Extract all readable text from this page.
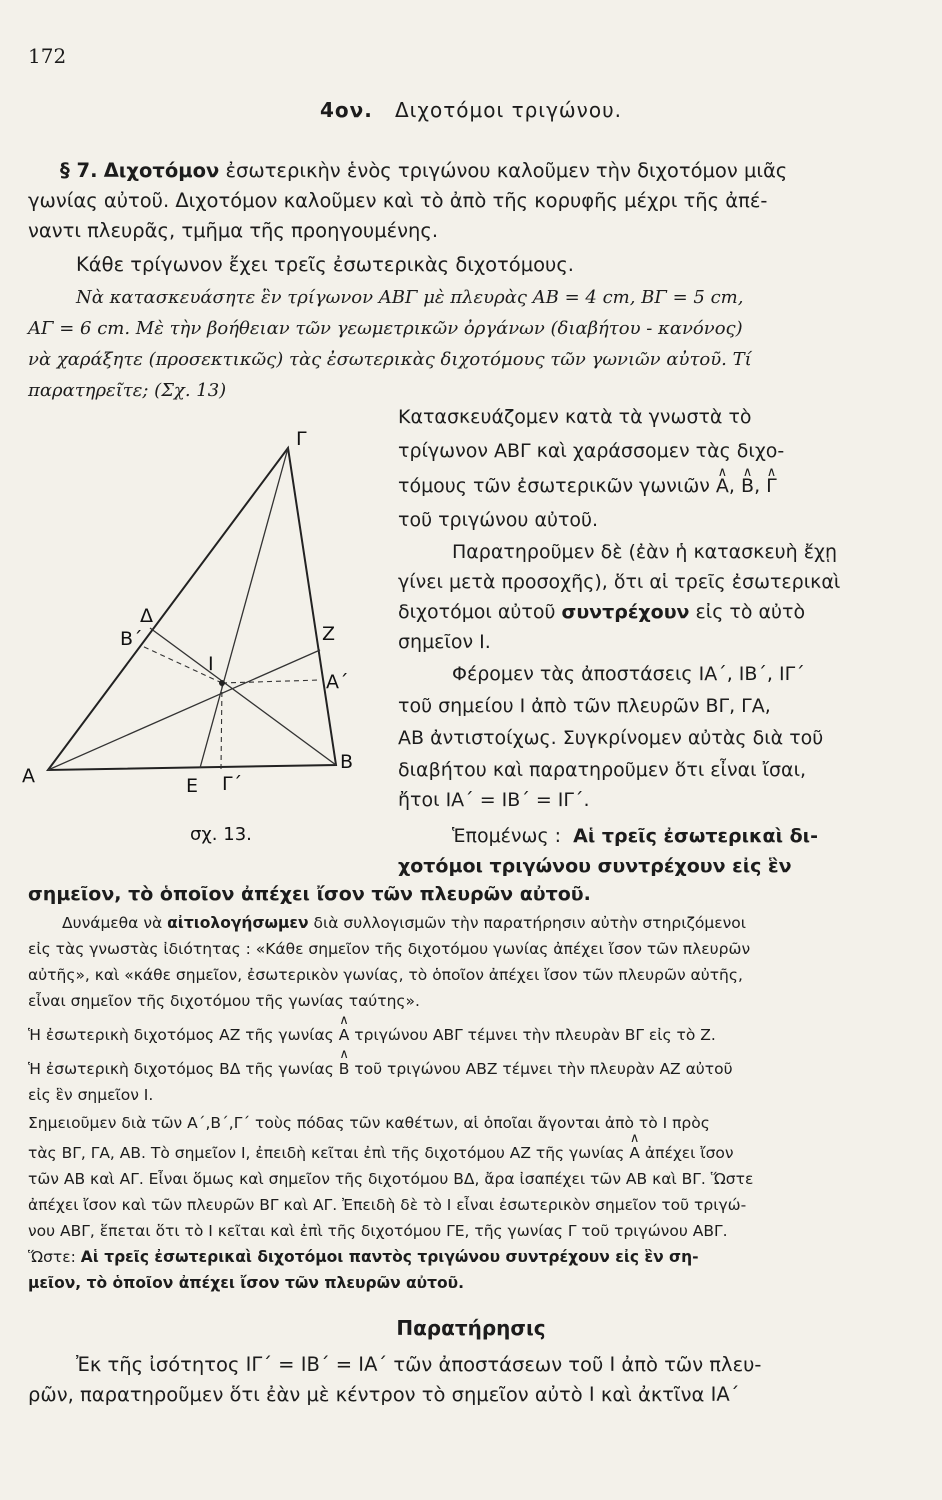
172
4ον. Διχοτόμοι τριγώνου.
§ 7. Διχοτόμον ἐσωτερικὴν ἑνὸς τριγώνου καλοῦμεν τὴν διχοτόμον μιᾶς
γωνίας αὐτοῦ. Διχοτόμον καλοῦμεν καὶ τὸ ἀπὸ τῆς κορυφῆς μέχρι τῆς ἀπέ-
ναντι πλευρᾶς, τμῆμα τῆς προηγουμένης.
Κάθε τρίγωνον ἔχει τρεῖς ἐσωτερικὰς διχοτόμους.
Νὰ κατασκευάσητε ἓν τρίγωνον ΑΒΓ μὲ πλευρὰς ΑΒ = 4 cm, ΒΓ = 5 cm,
ΑΓ = 6 cm. Μὲ τὴν βοήθειαν τῶν γεωμετρικῶν ὀργάνων (διαβήτου - κανόνος)
νὰ χαράξητε (προσεκτικῶς) τὰς ἐσωτερικὰς διχοτόμους τῶν γωνιῶν αὐτοῦ. Τί
παρατηρεῖτε; (Σχ. 13)
Α
Β
Γ
Δ
Β΄	Ζ
Ι
Α΄
Ε Γ΄
σχ. 13.
Κατασκευάζομεν κατὰ τὰ γνωστὰ τὸ
τρίγωνον ΑΒΓ καὶ χαράσσομεν τὰς διχο-
τόμους τῶν ἐσωτερικῶν γωνιῶν ∧ Α, ∧ Β, ∧ Γ
τοῦ τριγώνου αὐτοῦ.
Παρατηροῦμεν δὲ (ἐὰν ἡ κατασκευὴ ἔχῃ
γίνει μετὰ προσοχῆς), ὅτι αἱ τρεῖς ἐσωτερικαὶ
διχοτόμοι αὐτοῦ συντρέχουν εἰς τὸ αὐτὸ
σημεῖον Ι.
Φέρομεν τὰς ἀποστάσεις ΙΑ΄, ΙΒ΄, ΙΓ΄
τοῦ σημείου Ι ἀπὸ τῶν πλευρῶν ΒΓ, ΓΑ,
ΑΒ ἀντιστοίχως. Συγκρίνομεν αὐτὰς διὰ τοῦ
διαβήτου καὶ παρατηροῦμεν ὅτι εἶναι ἴσαι,
ἤτοι ΙΑ΄ = ΙΒ΄ = ΙΓ΄.
Ἑπομένως : Αἱ τρεῖς ἐσωτερικαὶ δι-
χοτόμοι τριγώνου συντρέχουν εἰς ἓν
σημεῖον, τὸ ὁποῖον ἀπέχει ἴσον τῶν πλευρῶν αὐτοῦ.
Δυνάμεθα νὰ αἰτιολογήσωμεν διὰ συλλογισμῶν τὴν παρατήρησιν αὐτὴν στηριζόμενοι
εἰς τὰς γνωστὰς ἰδιότητας : «Κάθε σημεῖον τῆς διχοτόμου γωνίας ἀπέχει ἴσον τῶν πλευρῶν
αὐτῆς», καὶ «κάθε σημεῖον, ἐσωτερικὸν γωνίας, τὸ ὁποῖον ἀπέχει ἴσον τῶν πλευρῶν αὐτῆς,
εἶναι σημεῖον τῆς διχοτόμου τῆς γωνίας ταύτης».
Ἡ ἐσωτερικὴ διχοτόμος ΑΖ τῆς γωνίας ∧ Α τριγώνου ΑΒΓ τέμνει τὴν πλευρὰν ΒΓ εἰς τὸ Ζ.
Ἡ ἐσωτερικὴ διχοτόμος ΒΔ τῆς γωνίας ∧ Β τοῦ τριγώνου ΑΒΖ τέμνει τὴν πλευρὰν ΑΖ αὐτοῦ
εἰς ἓν σημεῖον Ι.
Σημειοῦμεν διὰ τῶν Α΄,Β΄,Γ΄ τοὺς πόδας τῶν καθέτων, αἱ ὁποῖαι ἄγονται ἀπὸ τὸ Ι πρὸς
τὰς ΒΓ, ΓΑ, ΑΒ. Τὸ σημεῖον Ι, ἐπειδὴ κεῖται ἐπὶ τῆς διχοτόμου ΑΖ τῆς γωνίας ∧ Α ἀπέχει ἴσον
τῶν ΑΒ καὶ ΑΓ. Εἶναι ὅμως καὶ σημεῖον τῆς διχοτόμου ΒΔ, ἄρα ἰσαπέχει τῶν ΑΒ καὶ ΒΓ. Ὥστε
ἀπέχει ἴσον καὶ τῶν πλευρῶν ΒΓ καὶ ΑΓ. Ἐπειδὴ δὲ τὸ Ι εἶναι ἐσωτερικὸν σημεῖον τοῦ τριγώ-
νου ΑΒΓ, ἕπεται ὅτι τὸ Ι κεῖται καὶ ἐπὶ τῆς διχοτόμου ΓΕ, τῆς γωνίας Γ τοῦ τριγώνου ΑΒΓ.
Ὥστε: Αἱ τρεῖς ἐσωτερικαὶ διχοτόμοι παντὸς τριγώνου συντρέχουν εἰς ἓν ση-
μεῖον, τὸ ὁποῖον ἀπέχει ἴσον τῶν πλευρῶν αὐτοῦ.
Παρατήρησις
Ἐκ τῆς ἰσότητος ΙΓ΄ = ΙΒ΄ = ΙΑ΄ τῶν ἀποστάσεων τοῦ Ι ἀπὸ τῶν πλευ-
ρῶν, παρατηροῦμεν ὅτι ἐὰν μὲ κέντρον τὸ σημεῖον αὐτὸ Ι καὶ ἀκτῖνα ΙΑ΄
